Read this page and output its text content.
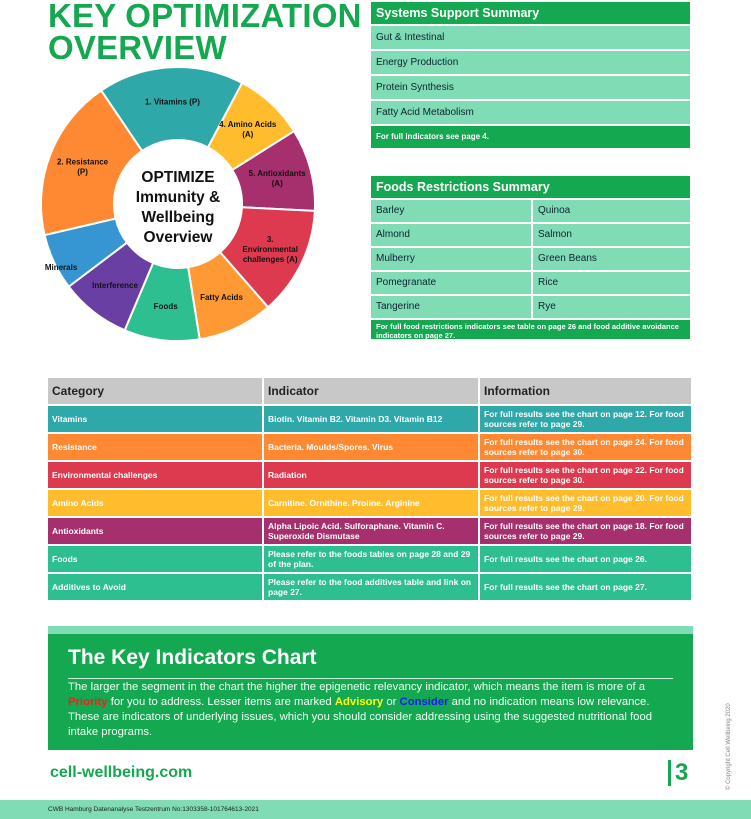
KEY OPTIMIZATION
OVERVIEW
1. Vitamins (P)
4. Amino Acids (A)
5. Antioxidants (A)
3. Environmental challenges (A)
Fatty Acids
Foods
Interference
Minerals
2. Resistance (P)	OPTIMIZE
Immunity &
Wellbeing
Overview
Systems Support Summary
Gut & Intestinal
Energy Production
Protein Synthesis
Fatty Acid Metabolism
For full indicators see page 4.
Foods Restrictions Summary
Barley	Quinoa
Almond	Salmon
Mulberry	Green Beans
Pomegranate	Rice
Tangerine	Rye
For full food restrictions indicators see table on page 26 and food additive avoidance indicators on page 27.
Category	Indicator	Information
Vitamins	Biotin. Vitamin B2. Vitamin D3. Vitamin B12	For full results see the chart on page 12. For food sources refer to page 29.
Resistance	Bacteria. Moulds/Spores. Virus	For full results see the chart on page 24. For food sources refer to page 30.
Environmental challenges	Radiation	For full results see the chart on page 22. For food sources refer to page 30.
Amino Acids	Carnitine. Ornithine. Proline. Arginine	For full results see the chart on page 20. For food sources refer to page 29.
Antioxidants	Alpha Lipoic Acid. Sulforaphane. Vitamin C. Superoxide Dismutase	For full results see the chart on page 18. For food sources refer to page 29.
Foods	Please refer to the foods tables on page 28 and 29 of the plan.	For full results see the chart on page 26.
Additives to Avoid	Please refer to the food additives table and link on page 27.	For full results see the chart on page 27.
The Key Indicators Chart

The larger the segment in the chart the higher the epigenetic relevancy indicator, which means the item is more of a Priority for you to address. Lesser items are marked Advisory or Consider and no indication means low relevance. These are indicators of underlying issues, which you should consider addressing using the suggested nutritional food intake programs.

cell-wellbeing.com	3	© Copyright Cell Wellbeing 2020
CWB Hamburg Datenanalyse Testzentrum No:1303358-101764613-2021
